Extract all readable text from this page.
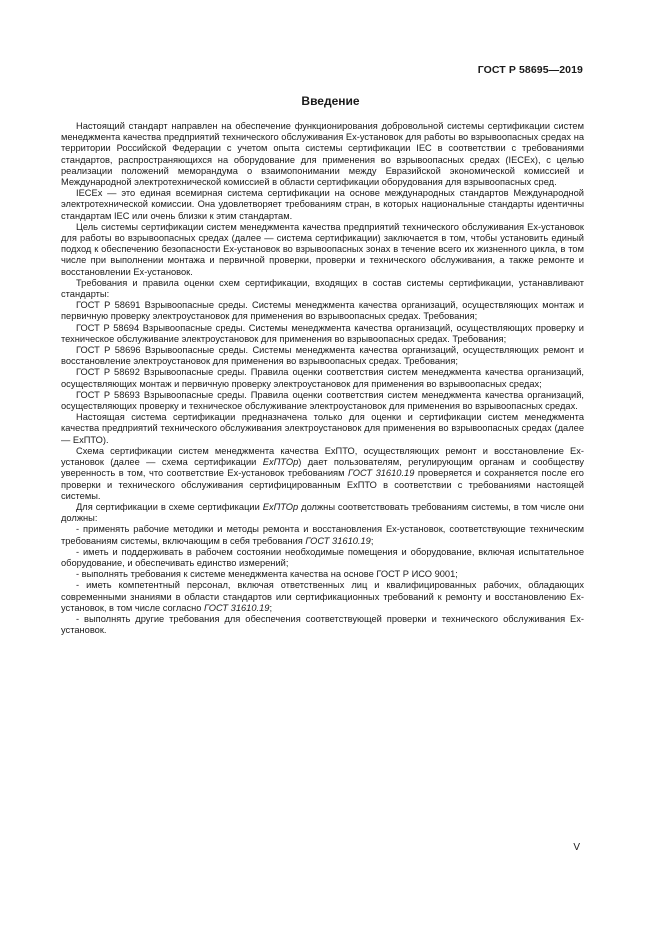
ГОСТ Р 58695—2019
Введение

Настоящий стандарт направлен на обеспечение функционирования добровольной системы сертификации систем менеджмента качества предприятий технического обслуживания Ex-установок для работы во взрывоопасных средах на территории Российской Федерации с учетом опыта системы сертификации IEC в соответствии с требованиями стандартов, распространяющихся на оборудование для применения во взрывоопасных средах (IECEx), с целью реализации положений меморандума о взаимопонимании между Евразийской экономической комиссией и Международной электротехнической комиссией в области сертификации оборудования для взрывоопасных сред.

IECEx — это единая всемирная система сертификации на основе международных стандартов Международной электротехнической комиссии. Она удовлетворяет требованиям стран, в которых национальные стандарты идентичны стандартам IEC или очень близки к этим стандартам.

Цель системы сертификации систем менеджмента качества предприятий технического обслуживания Ex-установок для работы во взрывоопасных средах (далее — система сертификации) заключается в том, чтобы установить единый подход к обеспечению безопасности Ex-установок во взрывоопасных зонах в течение всего их жизненного цикла, в том числе при выполнении монтажа и первичной проверки, проверки и технического обслуживания, а также ремонте и восстановлении Ex-установок.

Требования и правила оценки схем сертификации, входящих в состав системы сертификации, устанавливают стандарты:

ГОСТ Р 58691 Взрывоопасные среды. Системы менеджмента качества организаций, осуществляющих монтаж и первичную проверку электроустановок для применения во взрывоопасных средах. Требования;

ГОСТ Р 58694 Взрывоопасные среды. Системы менеджмента качества организаций, осуществляющих проверку и техническое обслуживание электроустановок для применения во взрывоопасных средах. Требования;

ГОСТ Р 58696 Взрывоопасные среды. Системы менеджмента качества организаций, осуществляющих ремонт и восстановление электроустановок для применения во взрывоопасных средах. Требования;

ГОСТ Р 58692 Взрывоопасные среды. Правила оценки соответствия систем менеджмента качества организаций, осуществляющих монтаж и первичную проверку электроустановок для применения во взрывоопасных средах;

ГОСТ Р 58693 Взрывоопасные среды. Правила оценки соответствия систем менеджмента качества организаций, осуществляющих проверку и техническое обслуживание электроустановок для применения во взрывоопасных средах.

Настоящая система сертификации предназначена только для оценки и сертификации систем менеджмента качества предприятий технического обслуживания электроустановок для применения во взрывоопасных средах (далее — ExПТО).

Схема сертификации систем менеджмента качества ExПТО, осуществляющих ремонт и восстановление Ex-установок (далее — схема сертификации ExПТОр) дает пользователям, регулирующим органам и сообществу уверенность в том, что соответствие Ex-установок требованиям ГОСТ 31610.19 проверяется и сохраняется после его проверки и технического обслуживания сертифицированным ExПТО в соответствии с требованиями настоящей системы.

Для сертификации в схеме сертификации ExПТОр должны соответствовать требованиям системы, в том числе они должны:

- применять рабочие методики и методы ремонта и восстановления Ex-установок, соответствующие техническим требованиям системы, включающим в себя требования ГОСТ 31610.19;

- иметь и поддерживать в рабочем состоянии необходимые помещения и оборудование, включая испытательное оборудование, и обеспечивать единство измерений;

- выполнять требования к системе менеджмента качества на основе ГОСТ Р ИСО 9001;

- иметь компетентный персонал, включая ответственных лиц и квалифицированных рабочих, обладающих современными знаниями в области стандартов или сертификационных требований к ремонту и восстановлению Ex-установок, в том числе согласно ГОСТ 31610.19;

- выполнять другие требования для обеспечения соответствующей проверки и технического обслуживания Ex-установок.

V
